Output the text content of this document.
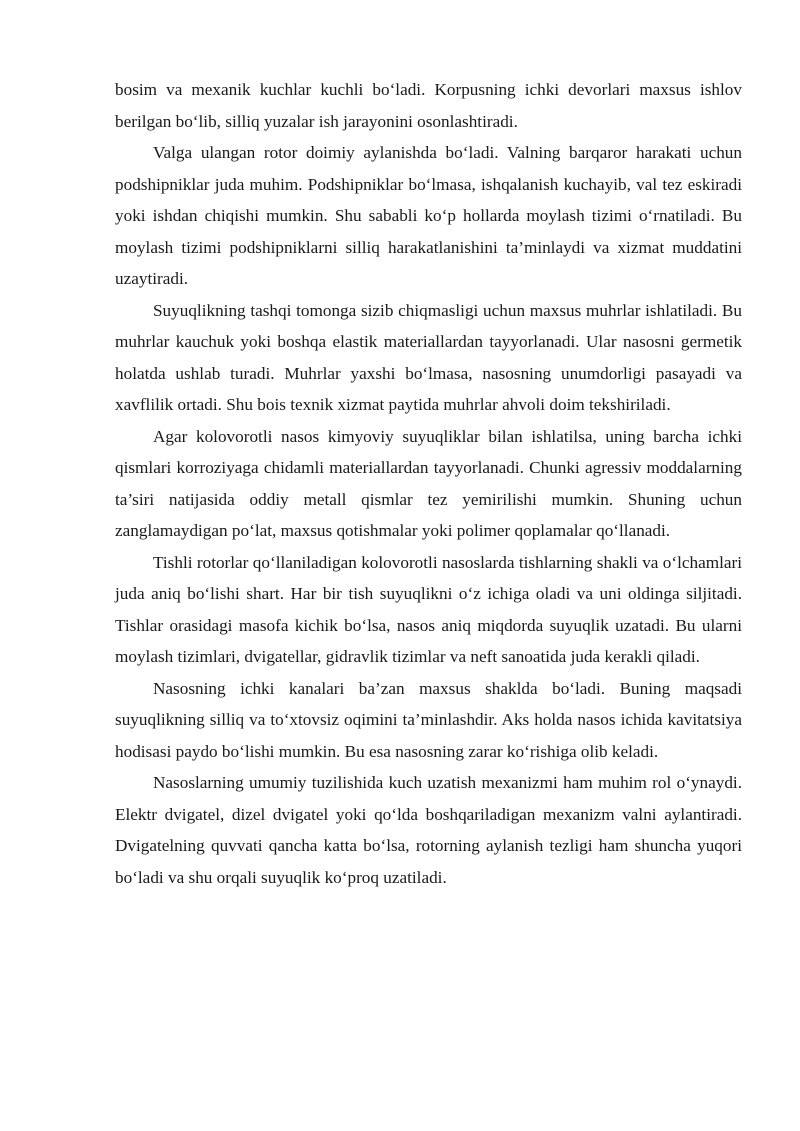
bosim va mexanik kuchlar kuchli bo‘ladi. Korpusning ichki devorlari maxsus ishlov berilgan bo‘lib, silliq yuzalar ish jarayonini osonlashtiradi.

Valga ulangan rotor doimiy aylanishda bo‘ladi. Valning barqaror harakati uchun podshipniklar juda muhim. Podshipniklar bo‘lmasa, ishqalanish kuchayib, val tez eskiradi yoki ishdan chiqishi mumkin. Shu sababli ko‘p hollarda moylash tizimi o‘rnatiladi. Bu moylash tizimi podshipniklarni silliq harakatlanishini ta’minlaydi va xizmat muddatini uzaytiradi.

Suyuqlikning tashqi tomonga sizib chiqmasligi uchun maxsus muhrlar ishlatiladi. Bu muhrlar kauchuk yoki boshqa elastik materiallardan tayyorlanadi. Ular nasosni germetik holatda ushlab turadi. Muhrlar yaxshi bo‘lmasa, nasosning unumdorligi pasayadi va xavflilik ortadi. Shu bois texnik xizmat paytida muhrlar ahvoli doim tekshiriladi.

Agar kolovorotli nasos kimyoviy suyuqliklar bilan ishlatilsa, uning barcha ichki qismlari korroziyaga chidamli materiallardan tayyorlanadi. Chunki agressiv moddalarning ta’siri natijasida oddiy metall qismlar tez yemirilishi mumkin. Shuning uchun zanglamaydigan po‘lat, maxsus qotishmalar yoki polimer qoplamalar qo‘llanadi.

Tishli rotorlar qo‘llaniladigan kolovorotli nasoslarda tishlarning shakli va o‘lchamlari juda aniq bo‘lishi shart. Har bir tish suyuqlikni o‘z ichiga oladi va uni oldinga siljitadi. Tishlar orasidagi masofa kichik bo‘lsa, nasos aniq miqdorda suyuqlik uzatadi. Bu ularni moylash tizimlari, dvigatellar, gidravlik tizimlar va neft sanoatida juda kerakli qiladi.

Nasosning ichki kanalari ba’zan maxsus shaklda bo‘ladi. Buning maqsadi suyuqlikning silliq va to‘xtovsiz oqimini ta’minlashdir. Aks holda nasos ichida kavitatsiya hodisasi paydo bo‘lishi mumkin. Bu esa nasosning zarar ko‘rishiga olib keladi.

Nasoslarning umumiy tuzilishida kuch uzatish mexanizmi ham muhim rol o‘ynaydi. Elektr dvigatel, dizel dvigatel yoki qo‘lda boshqariladigan mexanizm valni aylantiradi. Dvigatelning quvvati qancha katta bo‘lsa, rotorning aylanish tezligi ham shuncha yuqori bo‘ladi va shu orqali suyuqlik ko‘proq uzatiladi.
